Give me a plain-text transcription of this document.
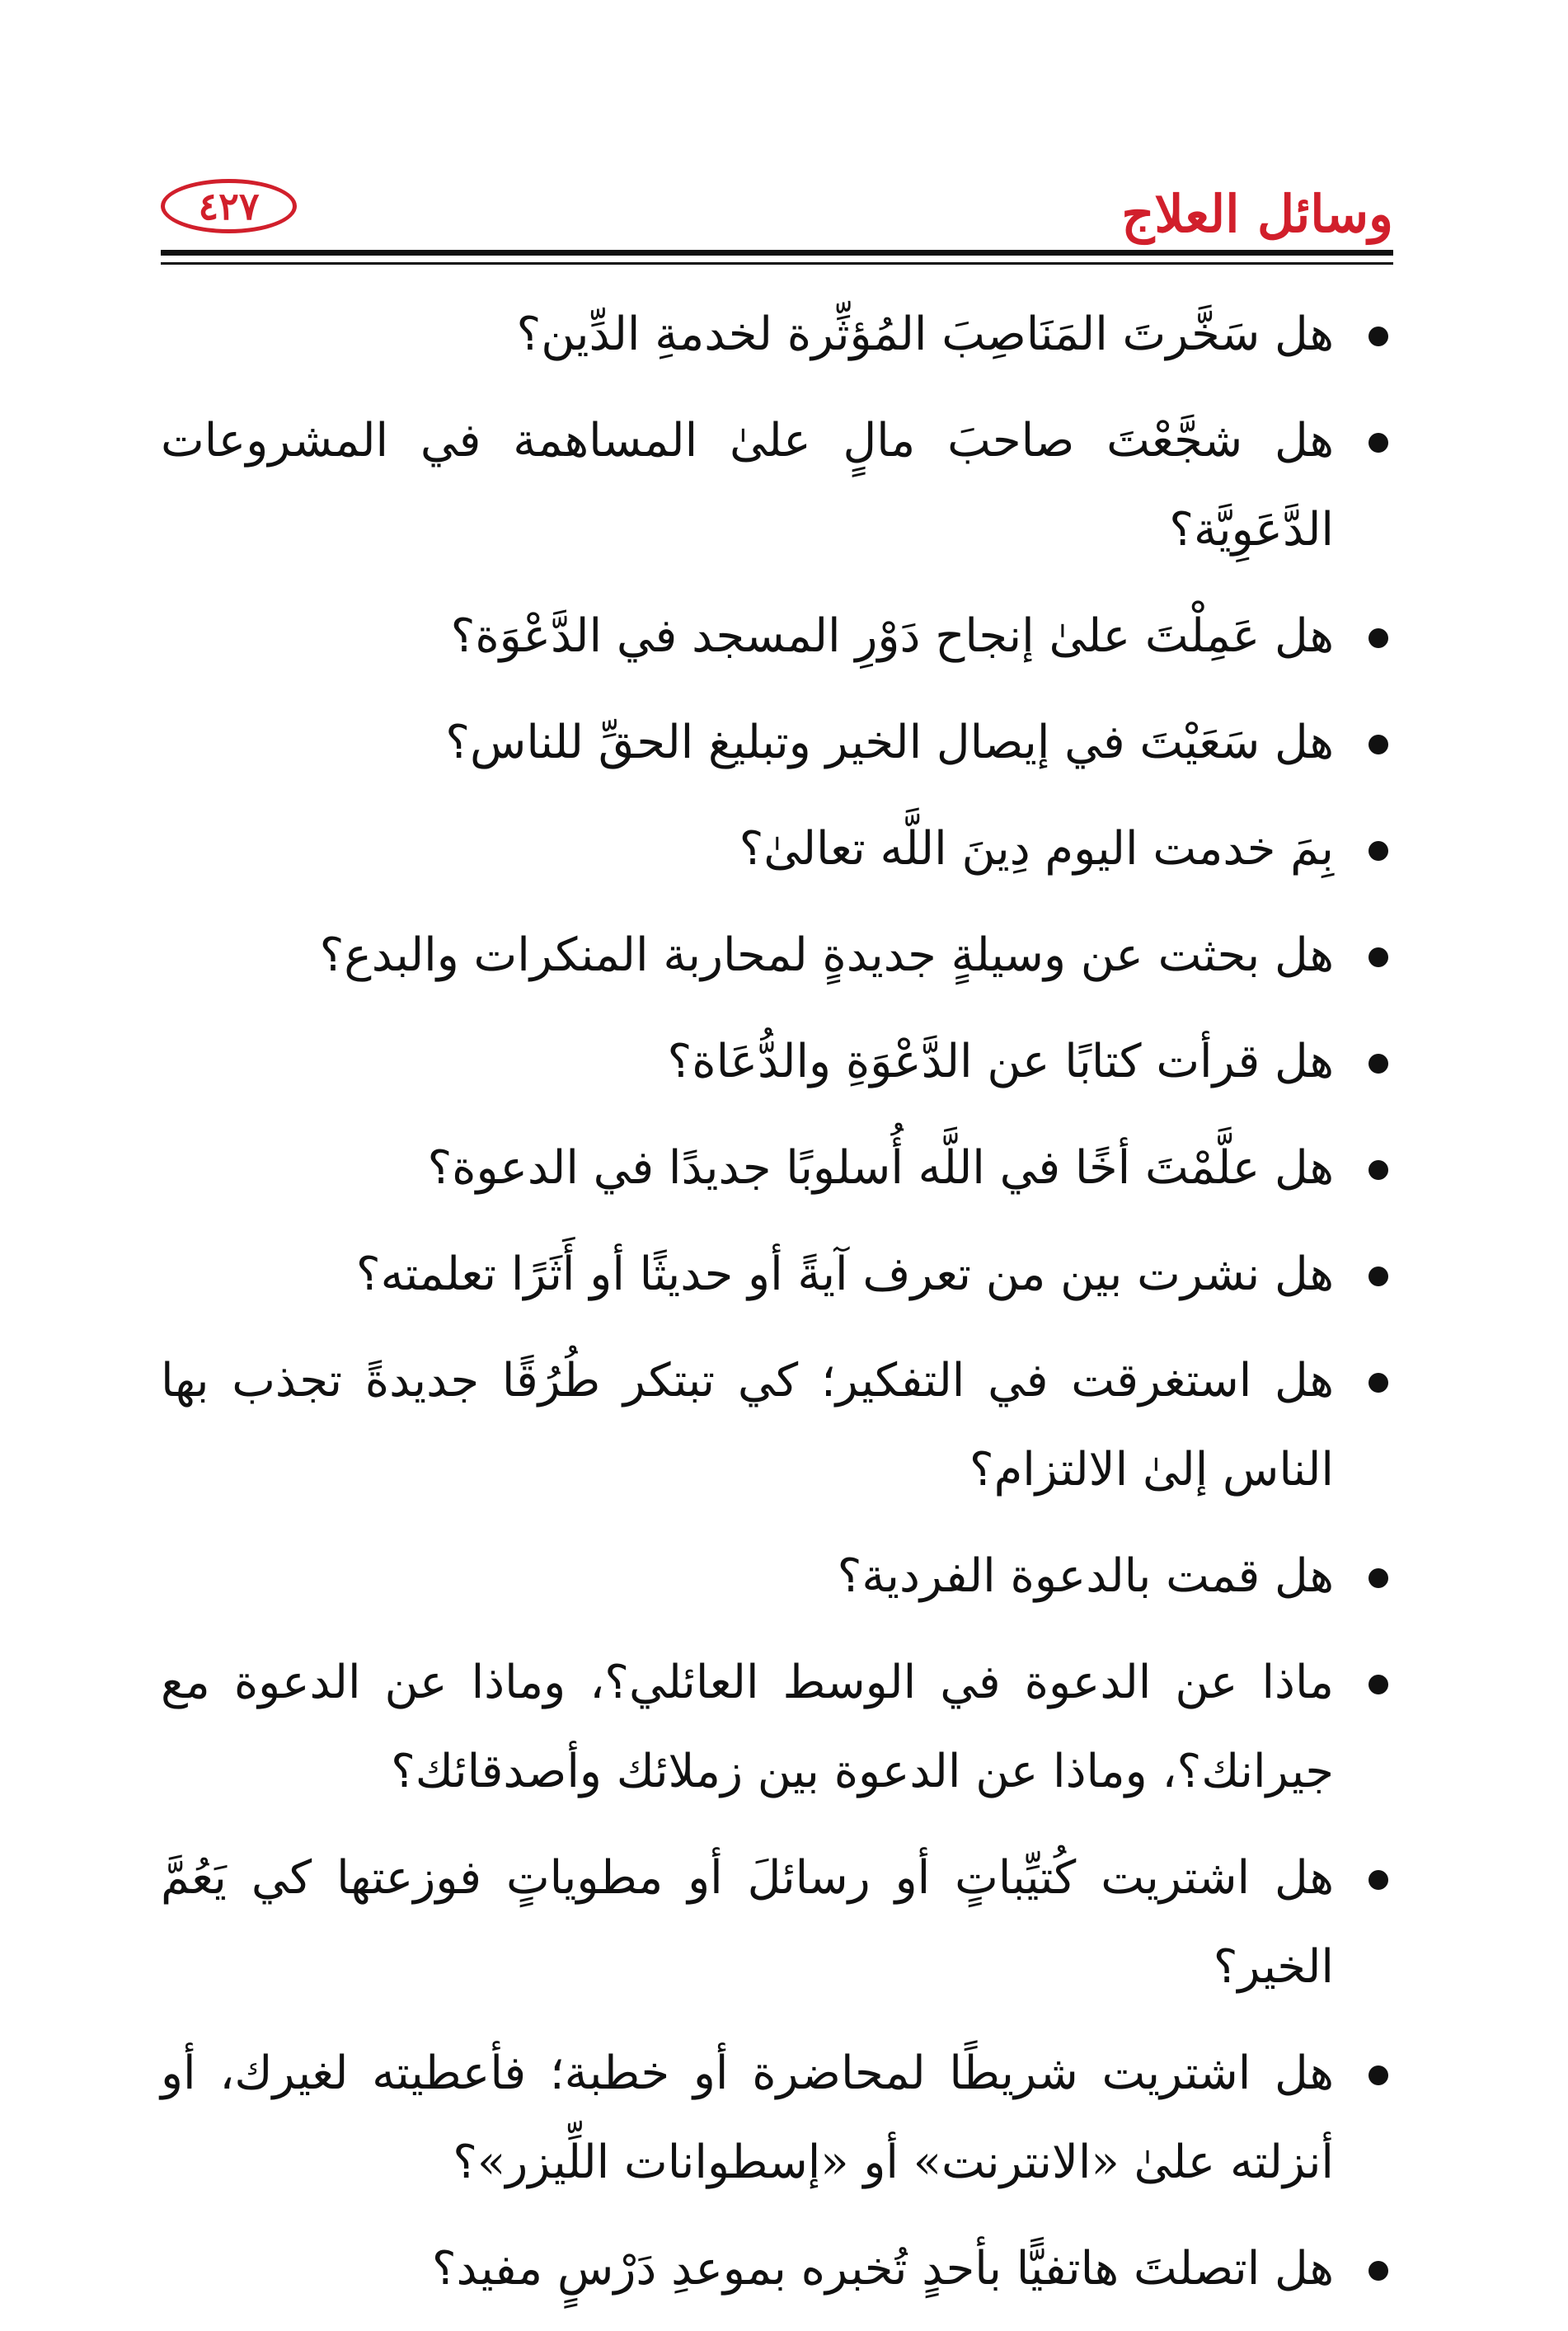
وسائل العلاج
٤٢٧
هل سَخَّرتَ المَنَاصِبَ المُؤثِّرة لخدمةِ الدِّين؟
هل شجَّعْتَ صاحبَ مالٍ علىٰ المساهمة في المشروعات الدَّعَوِيَّة؟
هل عَمِلْتَ علىٰ إنجاح دَوْرِ المسجد في الدَّعْوَة؟
هل سَعَيْتَ في إيصال الخير وتبليغ الحقِّ للناس؟
بِمَ خدمت اليوم دِينَ اللَّه تعالىٰ؟
هل بحثت عن وسيلةٍ جديدةٍ لمحاربة المنكرات والبدع؟
هل قرأت كتابًا عن الدَّعْوَةِ والدُّعَاة؟
هل علَّمْتَ أخًا في اللَّه أُسلوبًا جديدًا في الدعوة؟
هل نشرت بين من تعرف آيةً أو حديثًا أو أَثَرًا تعلمته؟
هل استغرقت في التفكير؛ كي تبتكر طُرُقًا جديدةً تجذب بها الناس إلىٰ الالتزام؟
هل قمت بالدعوة الفردية؟
ماذا عن الدعوة في الوسط العائلي؟، وماذا عن الدعوة مع جيرانك؟، وماذا عن الدعوة بين زملائك وأصدقائك؟
هل اشتريت كُتيِّباتٍ أو رسائلَ أو مطوياتٍ فوزعتها كي يَعُمَّ الخير؟
هل اشتريت شريطًا لمحاضرة أو خطبة؛ فأعطيته لغيرك، أو أنزلته علىٰ «الانترنت» أو «إسطوانات اللِّيزر»؟
هل اتصلتَ هاتفيًّا بأحدٍ تُخبره بموعدِ دَرْسٍ مفيد؟
